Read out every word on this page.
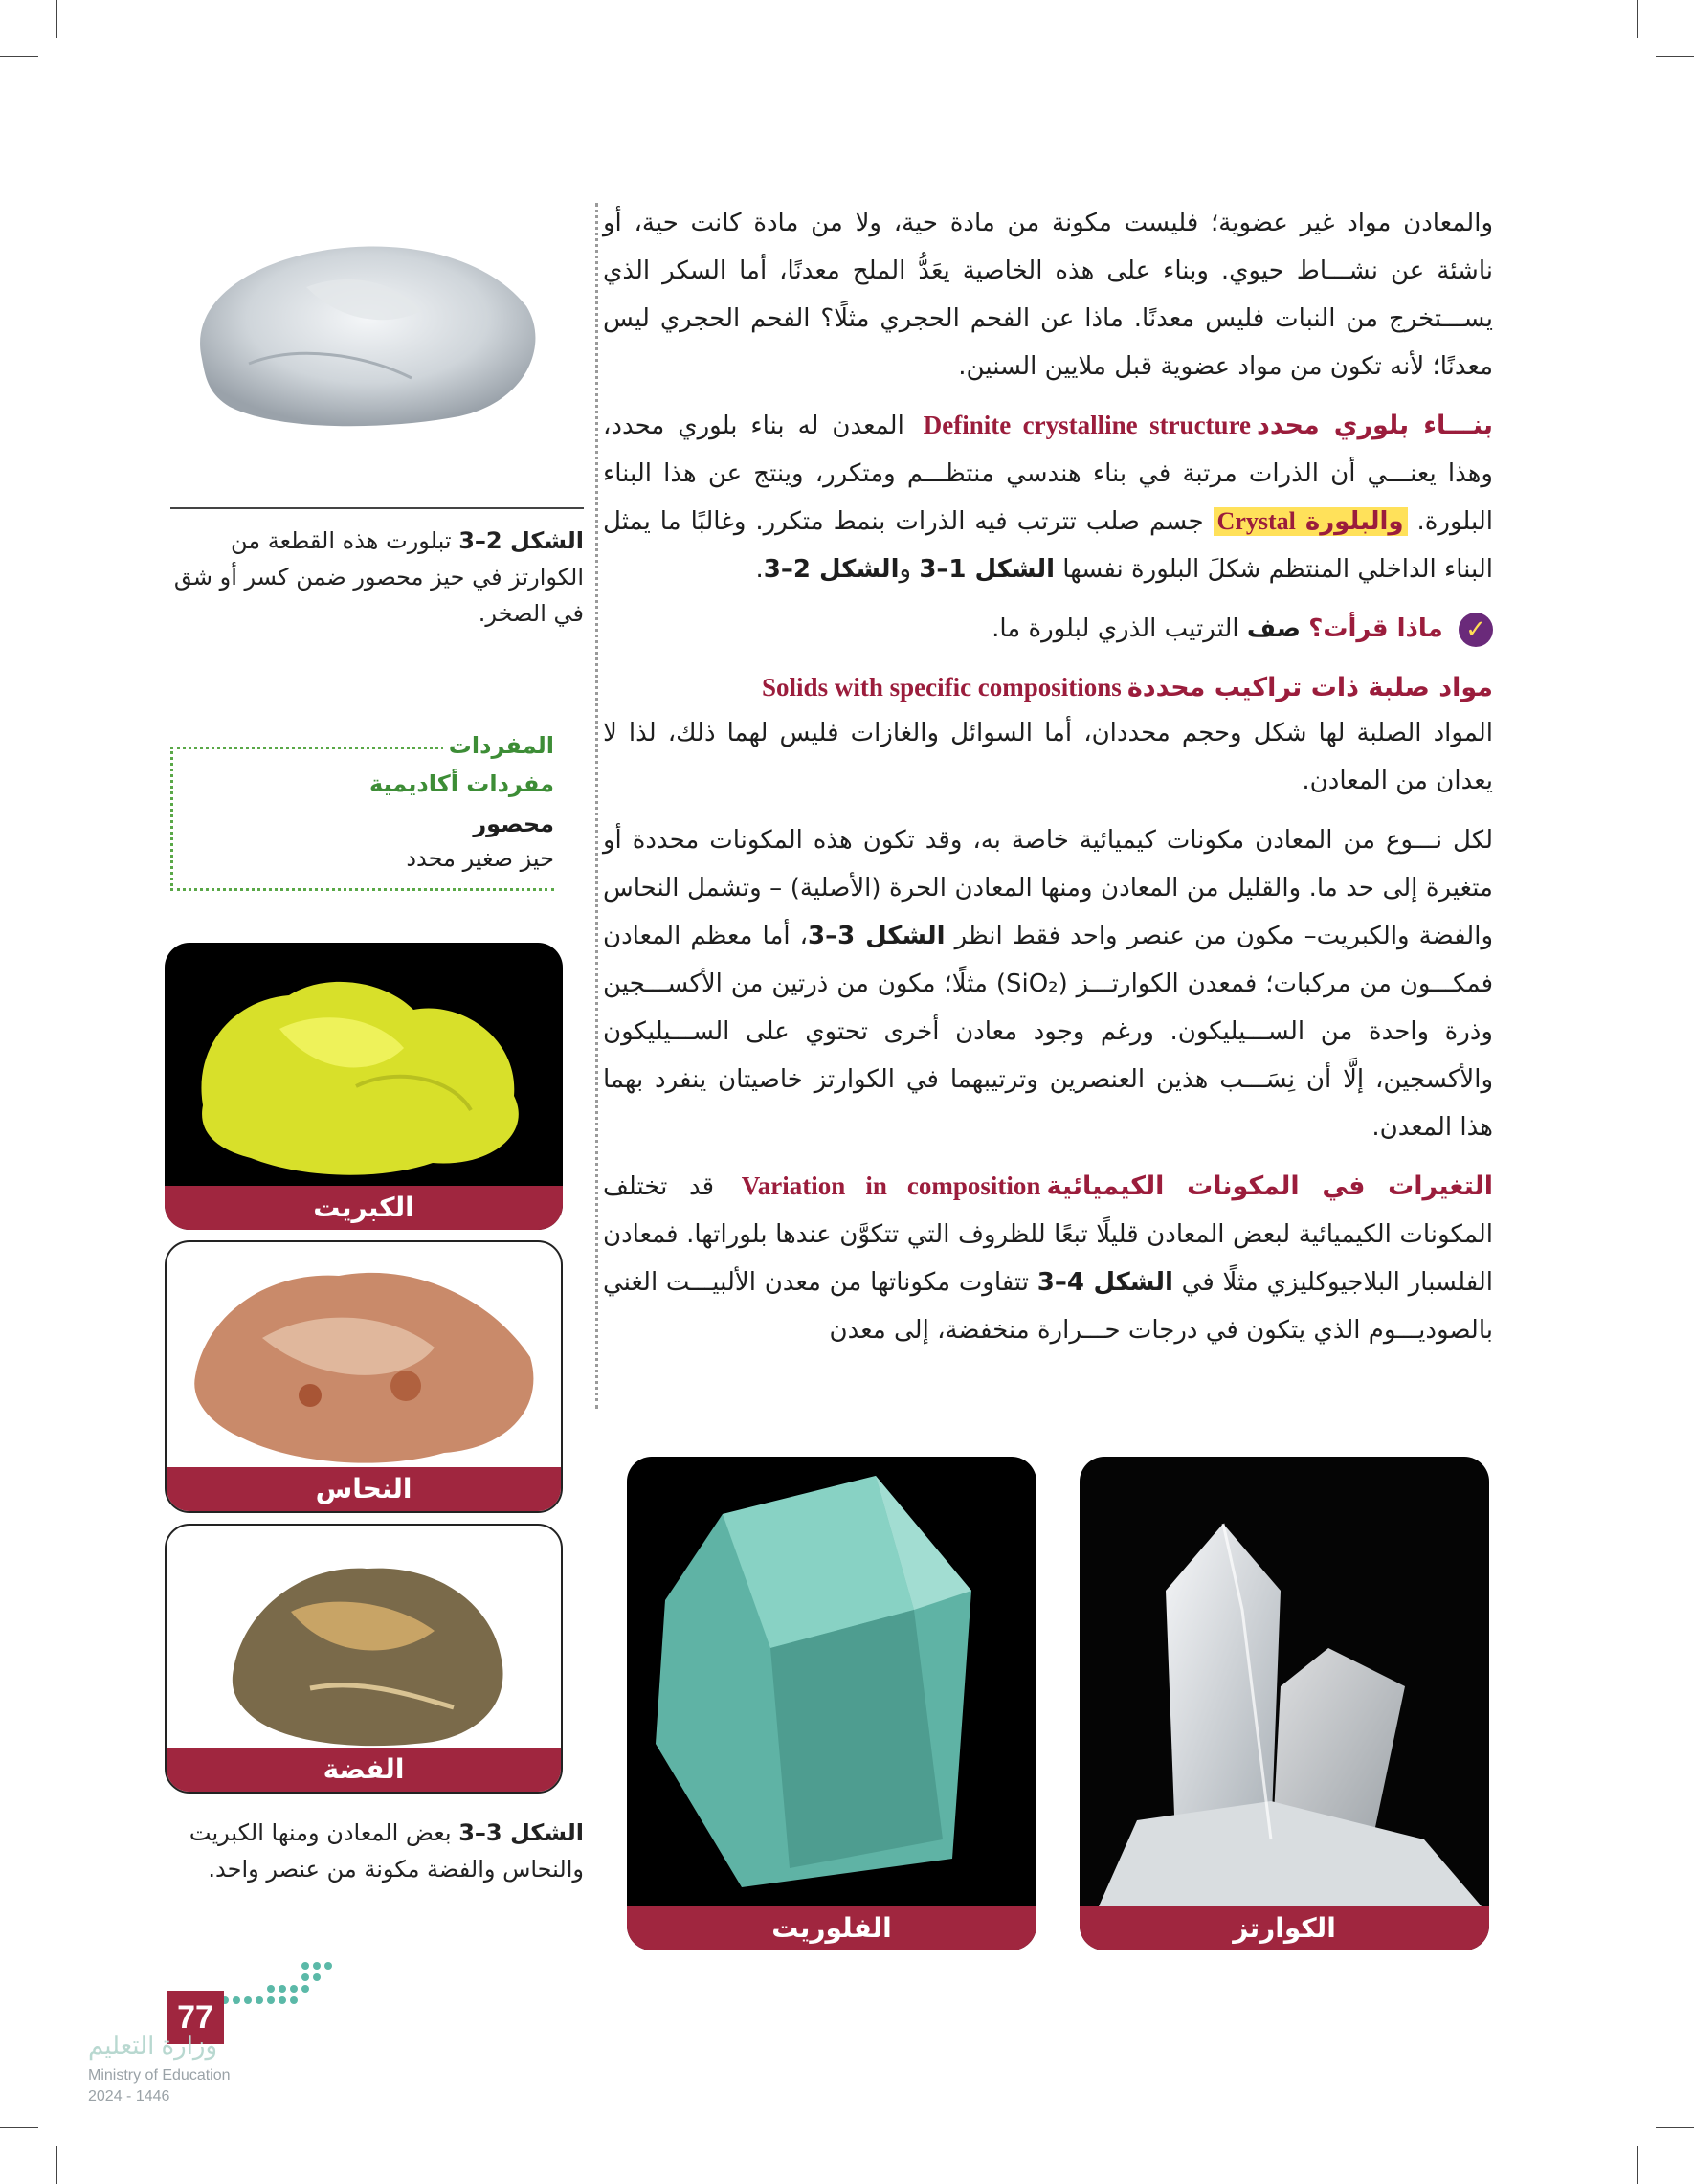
والمعادن مواد غير عضوية؛ فليست مكونة من مادة حية، ولا من مادة كانت حية، أو ناشئة عن نشـــاط حيوي. وبناء على هذه الخاصية يعَدُّ الملح معدنًا، أما السكر الذي يســـتخرج من النبات فليس معدنًا. ماذا عن الفحم الحجري مثلًا؟ الفحم الحجري ليس معدنًا؛ لأنه تكون من مواد عضوية قبل ملايين السنين.

بنـــاء بلوري محددDefinite crystalline structure المعدن له بناء بلوري محدد، وهذا يعنـــي أن الذرات مرتبة في بناء هندسي منتظـــم ومتكرر، وينتج عن هذا البناء البلورة. والبلورة Crystal جسم صلب تترتب فيه الذرات بنمط متكرر. وغالبًا ما يمثل البناء الداخلي المنتظم شكلَ البلورة نفسها الشكل 1–3 والشكل 2–3.

✓ ماذا قرأت؟ صف الترتيب الذري لبلورة ما.

مواد صلبة ذات تراكيب محددةSolids with specific compositions

المواد الصلبة لها شكل وحجم محددان، أما السوائل والغازات فليس لهما ذلك، لذا لا يعدان من المعادن.

لكل نـــوع من المعادن مكونات كيميائية خاصة به، وقد تكون هذه المكونات محددة أو متغيرة إلى حد ما. والقليل من المعادن ومنها المعادن الحرة (الأصلية) – وتشمل النحاس والفضة والكبريت– مكون من عنصر واحد فقط انظر الشكل 3–3، أما معظم المعادن فمكـــون من مركبات؛ فمعدن الكوارتـــز (SiO₂) مثلًا؛ مكون من ذرتين من الأكســـجين وذرة واحدة من الســـيليكون. ورغم وجود معادن أخرى تحتوي على الســـيليكون والأكسجين، إلَّا أن نِسَـــب هذين العنصرين وترتيبهما في الكوارتز خاصيتان ينفرد بهما هذا المعدن.

التغيرات في المكونات الكيميائيةVariation in composition قد تختلف المكونات الكيميائية لبعض المعادن قليلًا تبعًا للظروف التي تتكوَّن عندها بلوراتها. فمعادن الفلسبار البلاجيوكليزي مثلًا في الشكل 4–3 تتفاوت مكوناتها من معدن الألبيـــت الغني بالصوديـــوم الذي يتكون في درجات حـــرارة منخفضة، إلى معدن

الشكل 2–3 تبلورت هذه القطعة من الكوارتز في حيز محصور ضمن كسر أو شق في الصخر.
المفردات
مفردات أكاديمية
محصور
حيز صغير محدد
الكبريت
النحاس
الفضة
الشكل 3–3 بعض المعادن ومنها الكبريت والنحاس والفضة مكونة من عنصر واحد.
الفلوريت	الكوارتز
77
وزارة التعليم
Ministry of Education
2024 - 1446
